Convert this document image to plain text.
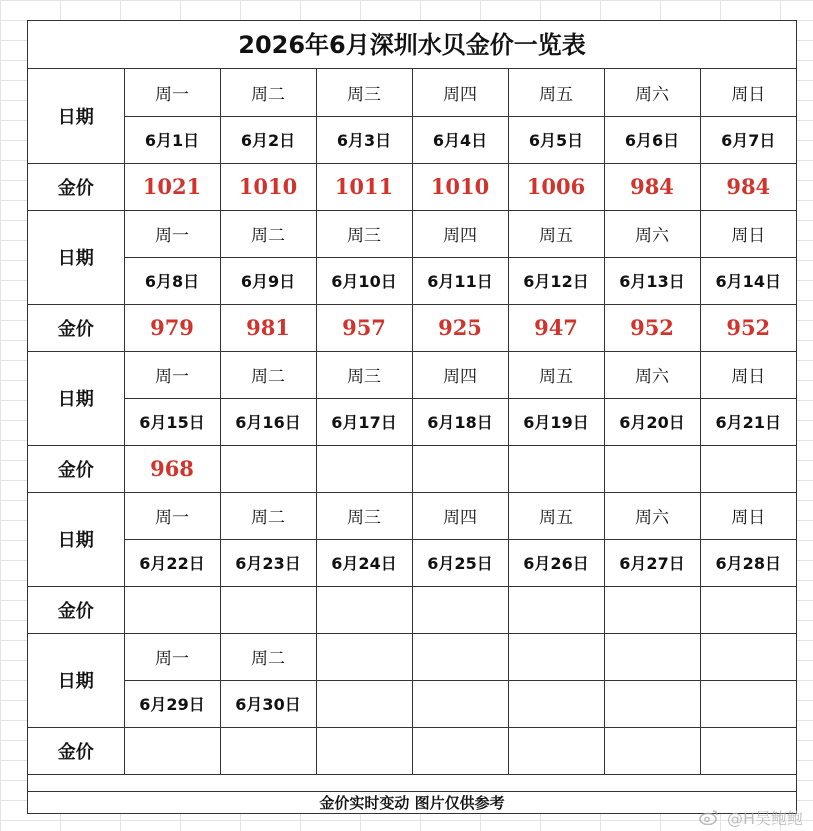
2026年6月深圳水贝金价一览表
日期	周一	周二	周三	周四	周五	周六	周日
	6月1日	6月2日	6月3日	6月4日	6月5日	6月6日	6月7日
金价	1021	1010	1011	1010	1006	984	984
日期	周一	周二	周三	周四	周五	周六	周日
	6月8日	6月9日	6月10日	6月11日	6月12日	6月13日	6月14日
金价	979	981	957	925	947	952	952
日期	周一	周二	周三	周四	周五	周六	周日
	6月15日	6月16日	6月17日	6月18日	6月19日	6月20日	6月21日
金价	968						
日期	周一	周二	周三	周四	周五	周六	周日
	6月22日	6月23日	6月24日	6月25日	6月26日	6月27日	6月28日
金价							
日期	周一	周二					
	6月29日	6月30日					
金价							
金价实时变动 图片仅供参考
@H吴鲍鲍
